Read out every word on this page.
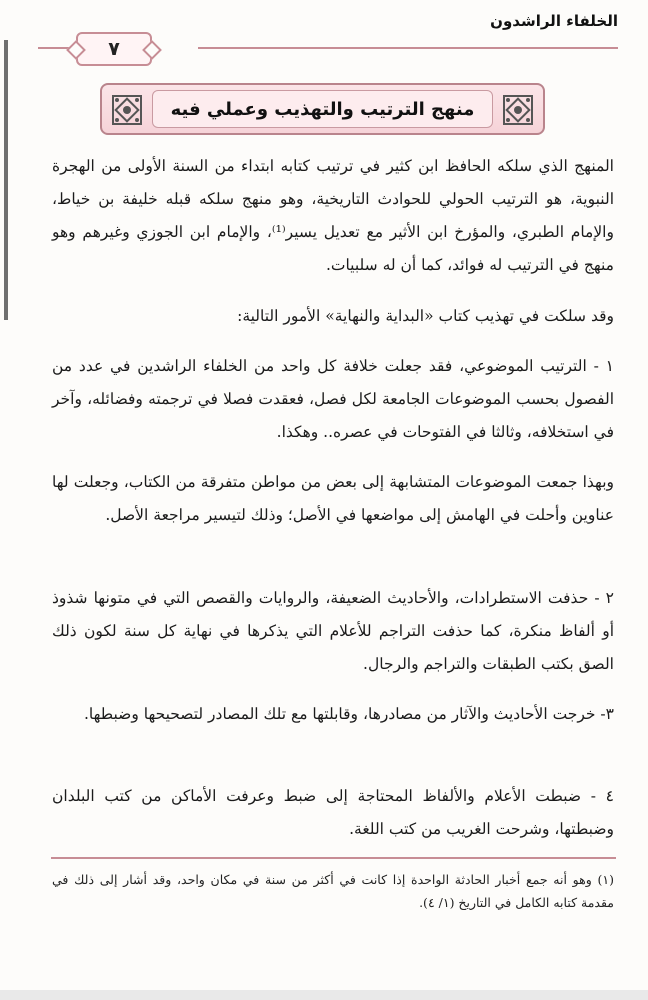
الخلفاء الراشدون
٧
منهج الترتيب والتهذيب وعملي فيه

المنهج الذي سلكه الحافظ ابن كثير في ترتيب كتابه ابتداء من السنة الأولى من الهجرة النبوية، هو الترتيب الحولي للحوادث التاريخية، وهو منهج سلكه قبله خليفة بن خياط، والإمام الطبري، والمؤرخ ابن الأثير مع تعديل يسير⁽¹⁾، والإمام ابن الجوزي وغيرهم وهو منهج في الترتيب له فوائد، كما أن له سلبيات.

وقد سلكت في تهذيب كتاب «البداية والنهاية» الأمور التالية:

١ - الترتيب الموضوعي، فقد جعلت خلافة كل واحد من الخلفاء الراشدين في عدد من الفصول بحسب الموضوعات الجامعة لكل فصل، فعقدت فصلا في ترجمته وفضائله، وآخر في استخلافه، وثالثا في الفتوحات في عصره.. وهكذا.

وبهذا جمعت الموضوعات المتشابهة إلى بعض من مواطن متفرقة من الكتاب، وجعلت لها عناوين وأحلت في الهامش إلى مواضعها في الأصل؛ وذلك لتيسير مراجعة الأصل.

٢ - حذفت الاستطرادات، والأحاديث الضعيفة، والروايات والقصص التي في متونها شذوذ أو ألفاظ منكرة، كما حذفت التراجم للأعلام التي يذكرها في نهاية كل سنة لكون ذلك الصق بكتب الطبقات والتراجم والرجال.

٣- خرجت الأحاديث والآثار من مصادرها، وقابلتها مع تلك المصادر لتصحيحها وضبطها.

٤ - ضبطت الأعلام والألفاظ المحتاجة إلى ضبط وعرفت الأماكن من كتب البلدان وضبطتها، وشرحت الغريب من كتب اللغة.

(١) وهو أنه جمع أخبار الحادثة الواحدة إذا كانت في أكثر من سنة في مكان واحد، وقد أشار إلى ذلك في مقدمة كتابه الكامل في التاريخ (١/ ٤).
